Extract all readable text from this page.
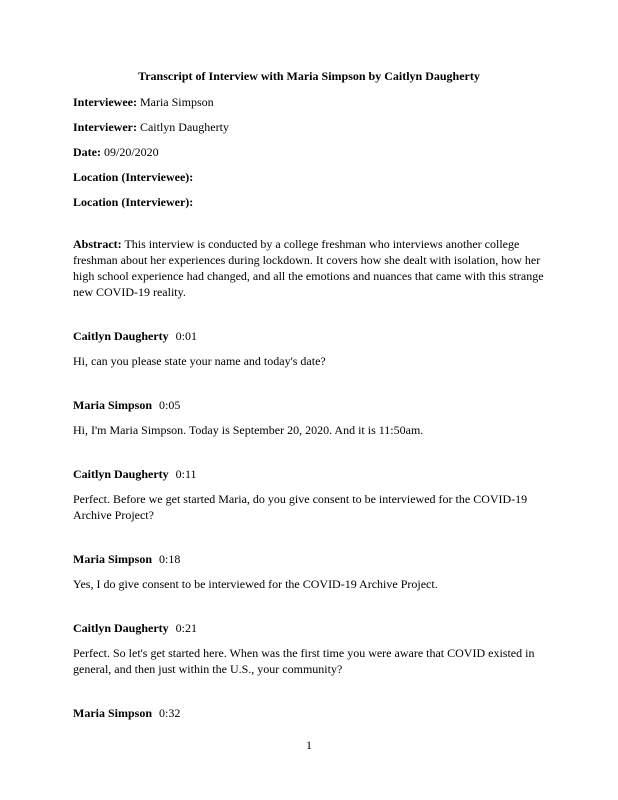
Transcript of Interview with Maria Simpson by Caitlyn Daugherty

Interviewee: Maria Simpson

Interviewer: Caitlyn Daugherty

Date: 09/20/2020

Location (Interviewee):

Location (Interviewer):

Abstract: This interview is conducted by a college freshman who interviews another college freshman about her experiences during lockdown. It covers how she dealt with isolation, how her high school experience had changed, and all the emotions and nuances that came with this strange new COVID-19 reality.

Caitlyn Daugherty 0:01

Hi, can you please state your name and today's date?

Maria Simpson 0:05

Hi, I'm Maria Simpson. Today is September 20, 2020. And it is 11:50am.

Caitlyn Daugherty 0:11

Perfect. Before we get started Maria, do you give consent to be interviewed for the COVID-19 Archive Project?

Maria Simpson 0:18

Yes, I do give consent to be interviewed for the COVID-19 Archive Project.

Caitlyn Daugherty 0:21

Perfect. So let's get started here. When was the first time you were aware that COVID existed in general, and then just within the U.S., your community?

Maria Simpson 0:32

1
